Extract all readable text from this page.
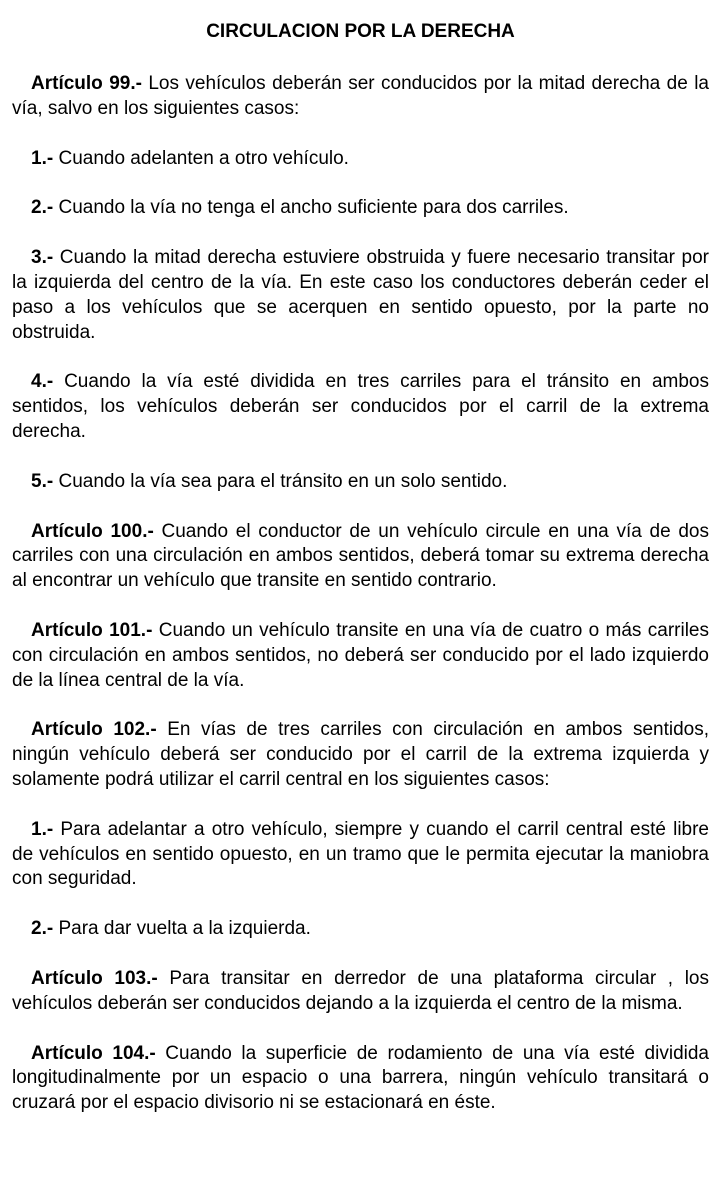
CIRCULACION POR LA DERECHA

Artículo 99.- Los vehículos deberán ser conducidos por la mitad derecha de la vía, salvo en los siguientes casos:

1.- Cuando adelanten a otro vehículo.

2.- Cuando la vía no tenga el ancho suficiente para dos carriles.

3.- Cuando la mitad derecha estuviere obstruida y fuere necesario transitar por la izquierda del centro de la vía. En este caso los conductores deberán ceder el paso a los vehículos que se acerquen en sentido opuesto, por la parte no obstruida.

4.- Cuando la vía esté dividida en tres carriles para el tránsito en ambos sentidos, los vehículos deberán ser conducidos por el carril de la extrema derecha.

5.- Cuando la vía sea para el tránsito en un solo sentido.

Artículo 100.- Cuando el conductor de un vehículo circule en una vía de dos carriles con una circulación en ambos sentidos, deberá tomar su extrema derecha al encontrar un vehículo que transite en sentido contrario.

Artículo 101.- Cuando un vehículo transite en una vía de cuatro o más carriles con circulación en ambos sentidos, no deberá ser conducido por el lado izquierdo de la línea central de la vía.

Artículo 102.- En vías de tres carriles con circulación en ambos sentidos, ningún vehículo deberá ser conducido por el carril de la extrema izquierda y solamente podrá utilizar el carril central en los siguientes casos:

1.- Para adelantar a otro vehículo, siempre y cuando el carril central esté libre de vehículos en sentido opuesto, en un tramo que le permita ejecutar la maniobra con seguridad.

2.- Para dar vuelta a la izquierda.

Artículo 103.- Para transitar en derredor de una plataforma circular , los vehículos deberán ser conducidos dejando a la izquierda el centro de la misma.

Artículo 104.- Cuando la superficie de rodamiento de una vía esté dividida longitudinalmente por un espacio o una barrera, ningún vehículo transitará o cruzará por el espacio divisorio ni se estacionará en éste.
